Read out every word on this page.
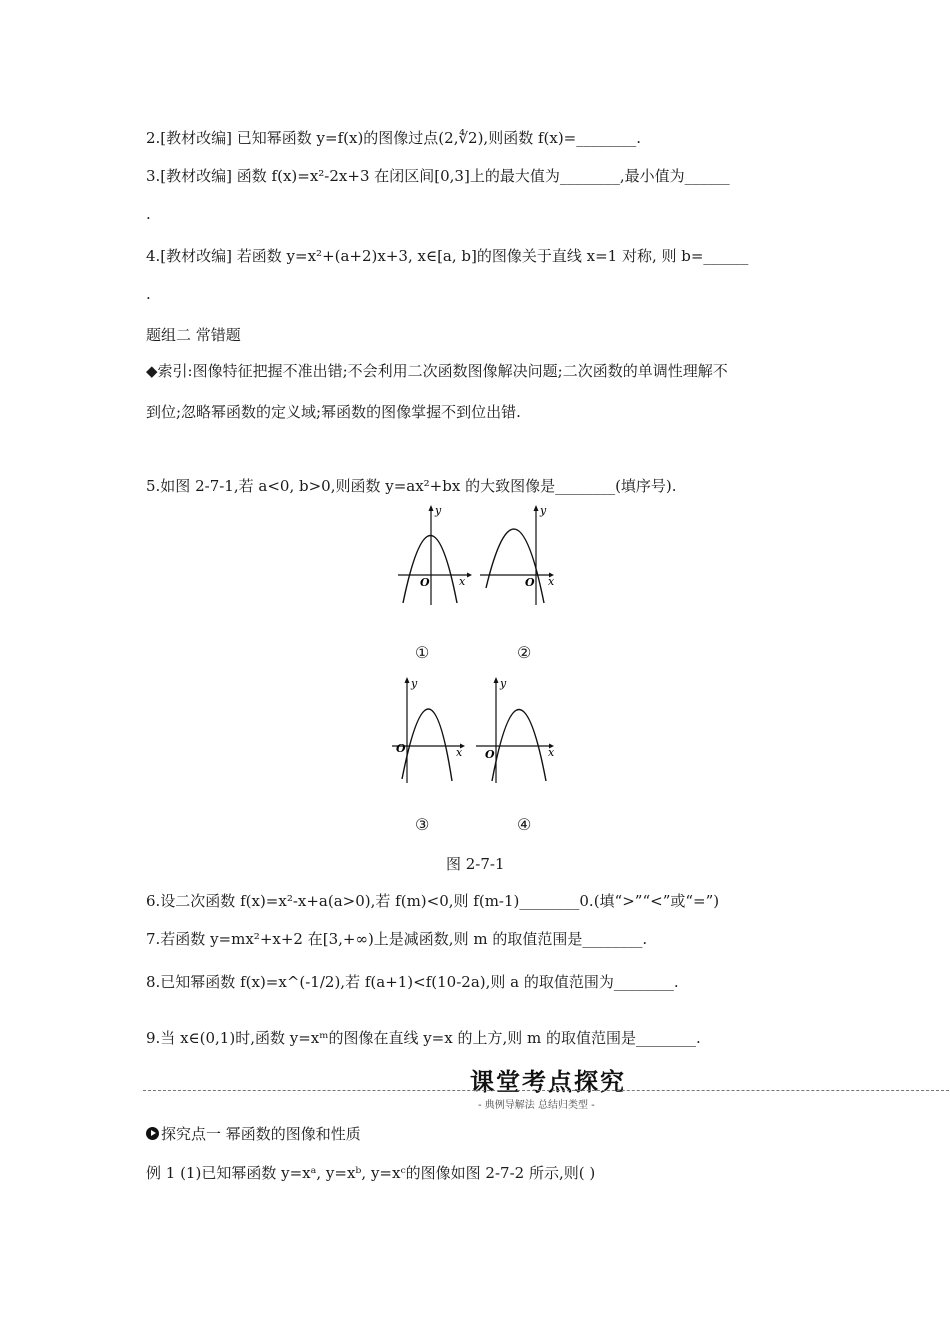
2.[教材改编] 已知幂函数 y=f(x)的图像过点(2,∜2),则函数 f(x)=________.
3.[教材改编] 函数 f(x)=x²-2x+3 在闭区间[0,3]上的最大值为________,最小值为______
.
4.[教材改编] 若函数 y=x²+(a+2)x+3, x∈[a, b]的图像关于直线 x=1 对称, 则 b=______
.
题组二 常错题
◆索引:图像特征把握不准出错;不会利用二次函数图像解决问题;二次函数的单调性理解不
到位;忽略幂函数的定义域;幂函数的图像掌握不到位出错.
5.如图 2-7-1,若 a<0, b>0,则函数 y=ax²+bx 的大致图像是________(填序号).
y
x
O
①
y
x
O
②
y
x
O
③
y
x
O
④
图 2-7-1
6.设二次函数 f(x)=x²-x+a(a>0),若 f(m)<0,则 f(m-1)________0.(填“>”“<”或“=”)
7.若函数 y=mx²+x+2 在[3,+∞)上是减函数,则 m 的取值范围是________.
8.已知幂函数 f(x)=x^(-1/2),若 f(a+1)<f(10-2a),则 a 的取值范围为________.
9.当 x∈(0,1)时,函数 y=xᵐ的图像在直线 y=x 的上方,则 m 的取值范围是________.
课堂考点探究
- 典例导解法 总结归类型 -
探究点一 幂函数的图像和性质
例 1 (1)已知幂函数 y=xᵃ, y=xᵇ, y=xᶜ的图像如图 2-7-2 所示,则( )
